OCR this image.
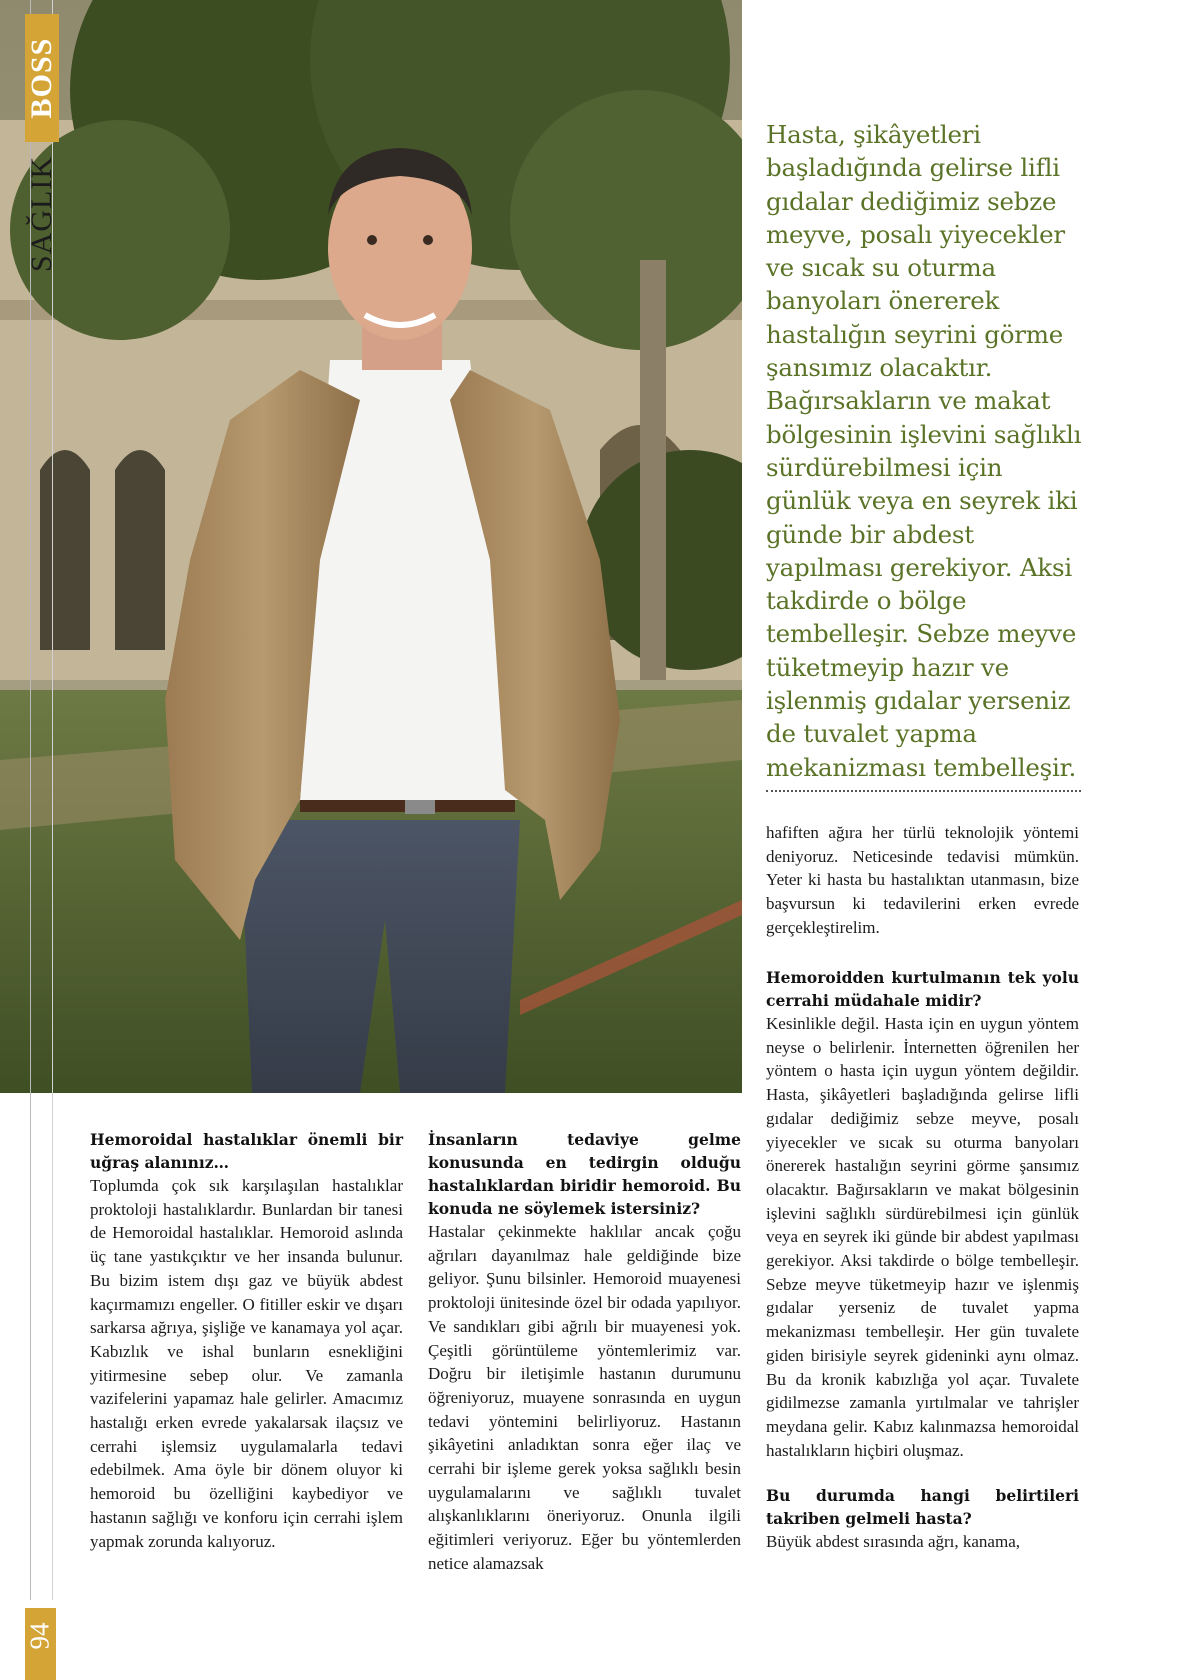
BOSS
SAĞLIK
94
Hasta, şikâyetleri başladığında gelirse lifli gıdalar dediğimiz sebze meyve, posalı yiyecekler ve sıcak su oturma banyoları önererek hastalığın seyrini görme şansımız olacaktır. Bağırsakların ve makat bölgesinin işlevini sağlıklı sürdürebilmesi için günlük veya en seyrek iki günde bir abdest yapılması gerekiyor. Aksi takdirde o bölge tembelleşir. Sebze meyve tüketmeyip hazır ve işlenmiş gıdalar yerseniz de tuvalet yapma mekanizması tembelleşir.
Hemoroidal hastalıklar önemli bir uğraş alanınız…

Toplumda çok sık karşılaşılan hastalıklar proktoloji hastalıklardır. Bunlardan bir tanesi de Hemoroidal hastalıklar. Hemoroid aslında üç tane yastıkçıktır ve her insanda bulunur. Bu bizim istem dışı gaz ve büyük abdest kaçırmamızı engeller. O fitiller eskir ve dışarı sarkarsa ağrıya, şişliğe ve kanamaya yol açar. Kabızlık ve ishal bunların esnekliğini yitirmesine sebep olur. Ve zamanla vazifelerini yapamaz hale gelirler. Amacımız hastalığı erken evrede yakalarsak ilaçsız ve cerrahi işlemsiz uygulamalarla tedavi edebilmek. Ama öyle bir dönem oluyor ki hemoroid bu özelliğini kaybediyor ve hastanın sağlığı ve konforu için cerrahi işlem yapmak zorunda kalıyoruz.

İnsanların tedaviye gelme konusunda en tedirgin olduğu hastalıklardan biridir hemoroid. Bu konuda ne söylemek istersiniz?

Hastalar çekinmekte haklılar ancak çoğu ağrıları dayanılmaz hale geldiğinde bize geliyor. Şunu bilsinler. Hemoroid muayenesi proktoloji ünitesinde özel bir odada yapılıyor. Ve sandıkları gibi ağrılı bir muayenesi yok. Çeşitli görüntüleme yöntemlerimiz var. Doğru bir iletişimle hastanın durumunu öğreniyoruz, muayene sonrasında en uygun tedavi yöntemini belirliyoruz. Hastanın şikâyetini anladıktan sonra eğer ilaç ve cerrahi bir işleme gerek yoksa sağlıklı besin uygulamalarını ve sağlıklı tuvalet alışkanlıklarını öneriyoruz. Onunla ilgili eğitimleri veriyoruz. Eğer bu yöntemlerden netice alamazsak

hafiften ağıra her türlü teknolojik yöntemi deniyoruz. Neticesinde tedavisi mümkün. Yeter ki hasta bu hastalıktan utanmasın, bize başvursun ki tedavilerini erken evrede gerçekleştirelim.

Hemoroidden kurtulmanın tek yolu cerrahi müdahale midir?

Kesinlikle değil. Hasta için en uygun yöntem neyse o belirlenir. İnternetten öğrenilen her yöntem o hasta için uygun yöntem değildir. Hasta, şikâyetleri başladığında gelirse lifli gıdalar dediğimiz sebze meyve, posalı yiyecekler ve sıcak su oturma banyoları önererek hastalığın seyrini görme şansımız olacaktır. Bağırsakların ve makat bölgesinin işlevini sağlıklı sürdürebilmesi için günlük veya en seyrek iki günde bir abdest yapılması gerekiyor. Aksi takdirde o bölge tembelleşir. Sebze meyve tüketmeyip hazır ve işlenmiş gıdalar yerseniz de tuvalet yapma mekanizması tembelleşir. Her gün tuvalete giden birisiyle seyrek gideninki aynı olmaz. Bu da kronik kabızlığa yol açar. Tuvalete gidilmezse zamanla yırtılmalar ve tahrişler meydana gelir. Kabız kalınmazsa hemoroidal hastalıkların hiçbiri oluşmaz.

Bu durumda hangi belirtileri takriben gelmeli hasta?

Büyük abdest sırasında ağrı, kanama,
